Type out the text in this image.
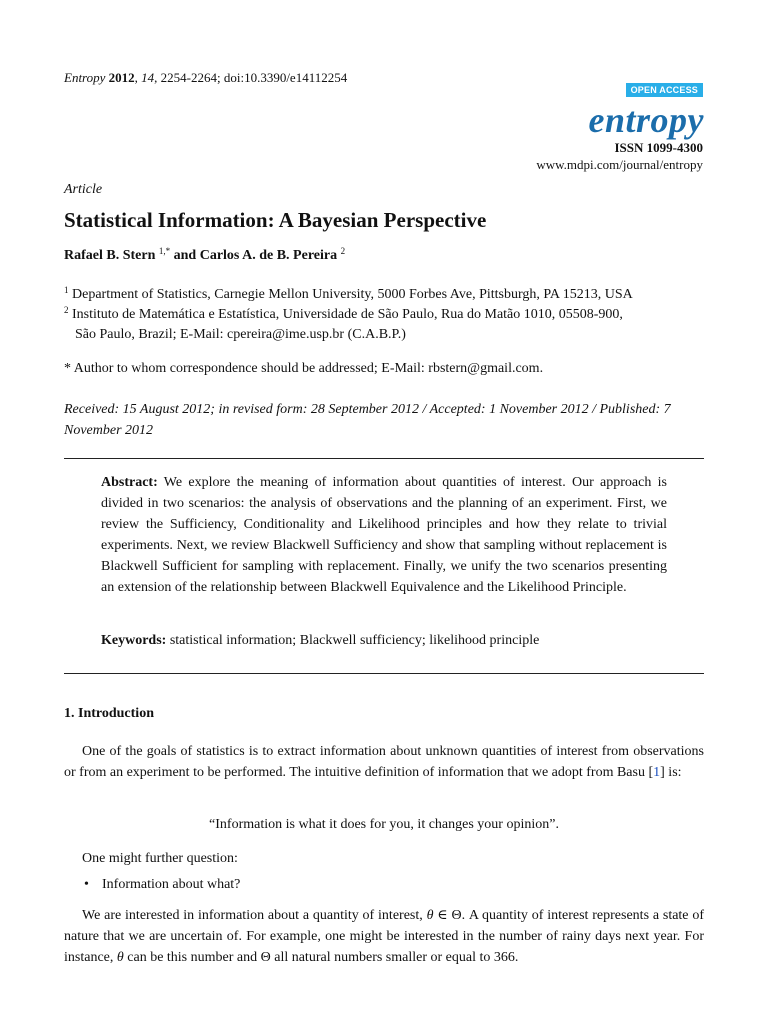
Entropy 2012, 14, 2254-2264; doi:10.3390/e14112254
OPEN ACCESS
entropy
ISSN 1099-4300
www.mdpi.com/journal/entropy
Article
Statistical Information: A Bayesian Perspective
Rafael B. Stern $^{1,*}$ and Carlos A. de B. Pereira $^2$
$^1$ Department of Statistics, Carnegie Mellon University, 5000 Forbes Ave, Pittsburgh, PA 15213, USA
$^2$ Instituto de Matemática e Estatística, Universidade de São Paulo, Rua do Matão 1010, 05508-900,
São Paulo, Brazil; E-Mail: cpereira@ime.usp.br (C.A.B.P.)
* Author to whom correspondence should be addressed; E-Mail: rbstern@gmail.com.
Received: 15 August 2012; in revised form: 28 September 2012 / Accepted: 1 November 2012 / Published: 7 November 2012

Abstract: We explore the meaning of information about quantities of interest. Our approach is divided in two scenarios: the analysis of observations and the planning of an experiment. First, we review the Sufficiency, Conditionality and Likelihood principles and how they relate to trivial experiments. Next, we review Blackwell Sufficiency and show that sampling without replacement is Blackwell Sufficient for sampling with replacement. Finally, we unify the two scenarios presenting an extension of the relationship between Blackwell Equivalence and the Likelihood Principle.

Keywords: statistical information; Blackwell sufficiency; likelihood principle
1. Introduction

One of the goals of statistics is to extract information about unknown quantities of interest from observations or from an experiment to be performed. The intuitive definition of information that we adopt from Basu [1] is:

“Information is what it does for you, it changes your opinion”.

One might further question:

• Information about what?

We are interested in information about a quantity of interest, θ ∈ Θ. A quantity of interest represents a state of nature that we are uncertain of. For example, one might be interested in the number of rainy days next year. For instance, θ can be this number and Θ all natural numbers smaller or equal to 366.
